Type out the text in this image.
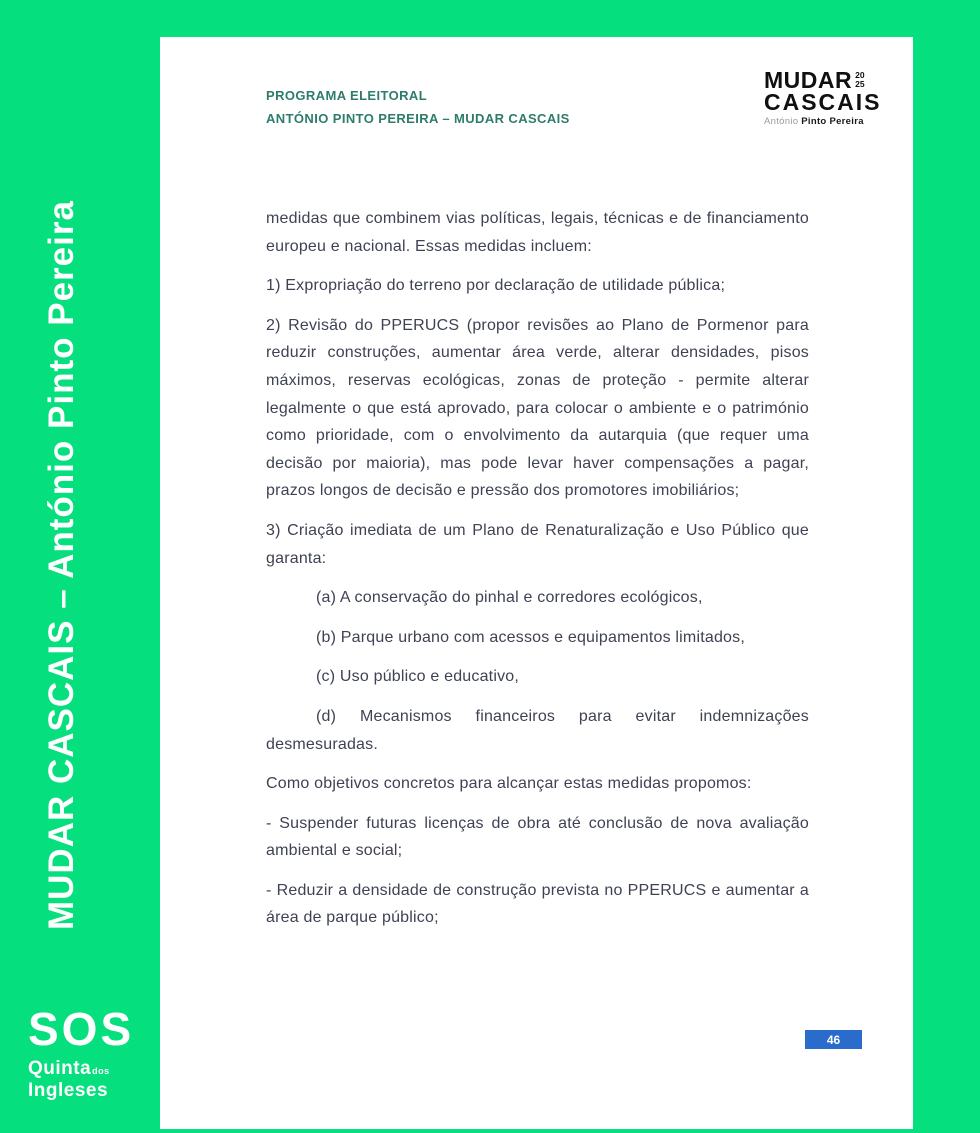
MUDAR CASCAIS – António Pinto Pereira
SOS
Quintados
Ingleses
PROGRAMA ELEITORAL
ANTÓNIO PINTO PEREIRA – MUDAR CASCAIS
MUDAR 20
25
CASCAIS
António Pinto Pereira

medidas que combinem vias políticas, legais, técnicas e de financiamento europeu e nacional. Essas medidas incluem:

1) Expropriação do terreno por declaração de utilidade pública;

2) Revisão do PPERUCS (propor revisões ao Plano de Pormenor para reduzir construções, aumentar área verde, alterar densidades, pisos máximos, reservas ecológicas, zonas de proteção - permite alterar legalmente o que está aprovado, para colocar o ambiente e o património como prioridade, com o envolvimento da autarquia (que requer uma decisão por maioria), mas pode levar haver compensações a pagar, prazos longos de decisão e pressão dos promotores imobiliários;

3) Criação imediata de um Plano de Renaturalização e Uso Público que garanta:

(a) A conservação do pinhal e corredores ecológicos,

(b) Parque urbano com acessos e equipamentos limitados,

(c) Uso público e educativo,

(d) Mecanismos financeiros para evitar indemnizações desmesuradas.

Como objetivos concretos para alcançar estas medidas propomos:

- Suspender futuras licenças de obra até conclusão de nova avaliação ambiental e social;

- Reduzir a densidade de construção prevista no PPERUCS e aumentar a área de parque público;

46
